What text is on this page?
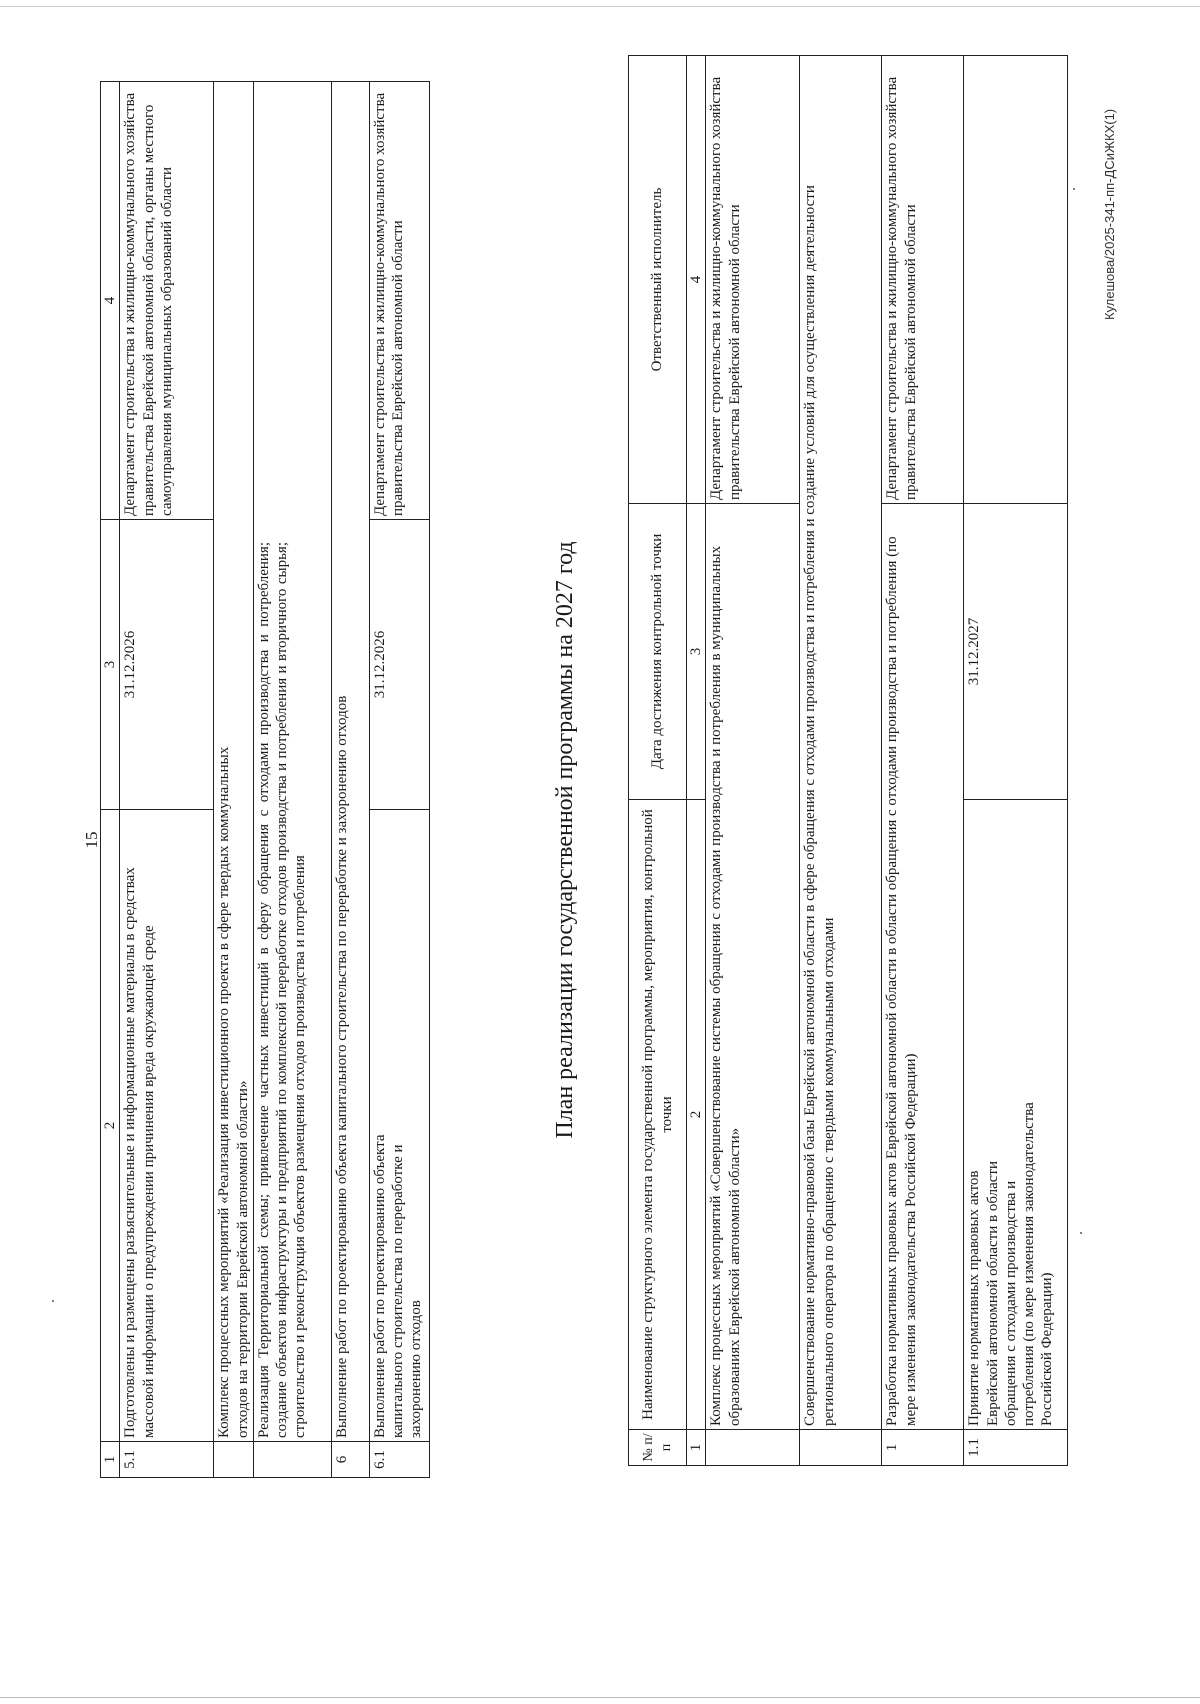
15
1	2	3	4
5.1	Подготовлены и размещены разъяснительные и информационные материалы в средствах массовой информации о предупреждении причинения вреда окружающей среде	31.12.2026	Департамент строительства и жилищно-коммунального хозяйства правительства Еврейской автономной области, органы местного самоуправления муниципальных образований области
	Комплекс процессных мероприятий «Реализация инвестиционного проекта в сфере твердых коммунальных отходов на территории Еврейской автономной области»		
	Реализация Территориальной схемы; привлечение частных инвестиций в сферу обращения с отходами производства и потребления; создание объектов инфраструктуры и предприятий по комплексной переработке отходов производства и потребления и вторичного сырья; строительство и реконструкция объектов размещения отходов производства и потребления		
6	Выполнение работ по проектированию объекта капитального строительства по переработке и захоронению отходов		
6.1	Выполнение работ по проектированию объекта капитального строительства по переработке и захоронению отходов	31.12.2026	Департамент строительства и жилищно-коммунального хозяйства правительства Еврейской автономной области
План реализации государственной программы на 2027 год
№ п/п	Наименование структурного элемента государственной программы, мероприятия, контрольной точки	Дата достижения контрольной точки	Ответственный исполнитель
1	2	3	4
	Комплекс процессных мероприятий «Совершенствование системы обращения с отходами производства и потребления в муниципальных образованиях Еврейской автономной области»		Департамент строительства и жилищно-коммунального хозяйства правительства Еврейской автономной области
	Совершенствование нормативно-правовой базы Еврейской автономной области в сфере обращения с отходами производства и потребления и создание условий для осуществления деятельности регионального оператора по обращению с твердыми коммунальными отходами		
1	Разработка нормативных правовых актов Еврейской автономной области в области обращения с отходами производства и потребления (по мере изменения законодательства Российской Федерации)		Департамент строительства и жилищно-коммунального хозяйства правительства Еврейской автономной области
1.1	Принятие нормативных правовых актов Еврейской автономной области в области обращения с отходами производства и потребления (по мере изменения законодательства Российской Федерации)	31.12.2027	
Кулешова/2025-341-пп-ДСиЖКХ(1)
